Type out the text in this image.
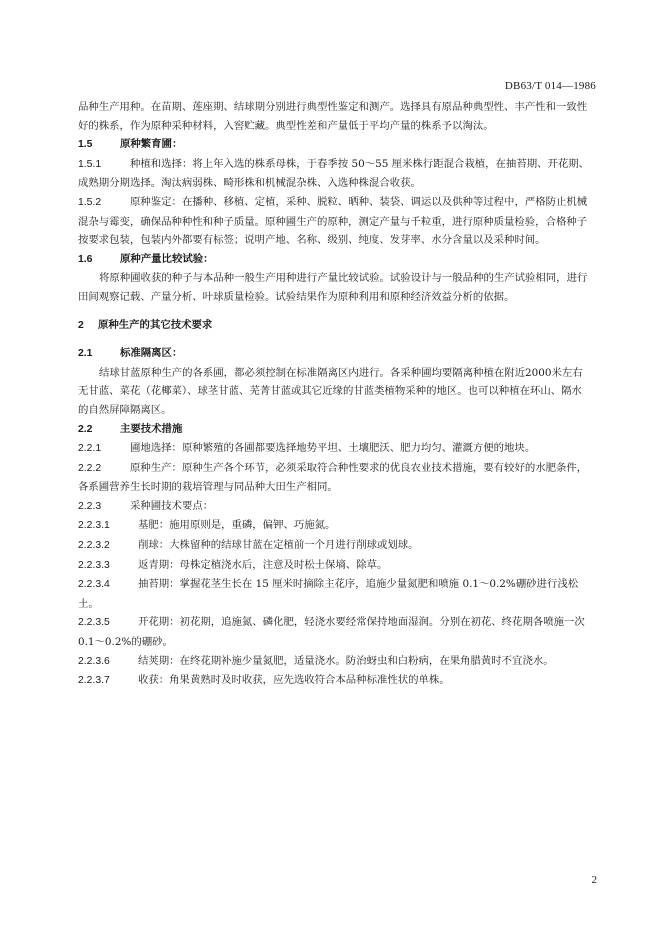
DB63/T 014—1986

品种生产用种。在苗期、莲座期、结球期分别进行典型性鉴定和测产。选择具有原品种典型性、丰产性和一致性好的株系，作为原种采种材料，入窖贮藏。典型性差和产量低于平均产量的株系予以淘汰。

1.5	原种繁育圃：

1.5.1	种植和选择：将上年入选的株系母株，于春季按 50～55 厘米株行距混合栽植，在抽苔期、开花期、成熟期分期选择。淘汰病弱株、畸形株和机械混杂株、入选种株混合收获。

1.5.2	原种鉴定：在播种、移植、定植，采种、脱粒、晒种、装袋、调运以及供种等过程中，严格防止机械混杂与霉变，确保品种种性和种子质量。原种圃生产的原种，测定产量与千粒重，进行原种质量检验，合格种子按要求包装，包装内外都要有标签；说明产地、名称、级别、纯度、发芽率、水分含量以及采种时间。

1.6	原种产量比较试验：

将原种圃收获的种子与本品种一般生产用种进行产量比较试验。试验设计与一般品种的生产试验相同，进行田间观察记载、产量分析、叶球质量检验。试验结果作为原种利用和原种经济效益分析的依据。

2 原种生产的其它技术要求

2.1	标准隔离区：

结球甘蓝原种生产的各系圃，都必须控制在标准隔离区内进行。各采种圃均要隔离种植在附近2000米左右无甘蓝、菜花（花椰菜）、球茎甘蓝、芜菁甘蓝或其它近缘的甘蓝类植物采种的地区。也可以种植在环山、隔水的自然屏障隔离区。

2.2	主要技术措施

2.2.1	圃地选择：原种繁殖的各圃都要选择地势平坦、土壤肥沃、肥力均匀、灌溉方便的地块。

2.2.2	原种生产：原种生产各个环节，必须采取符合种性要求的优良农业技术措施，要有较好的水肥条件，各系圃营养生长时期的栽培管理与同品种大田生产相同。

2.2.3	采种圃技术要点：

2.2.3.1	基肥：施用原则是，重磷，偏钾、巧施氮。

2.2.3.2	削球：大株留种的结球甘蓝在定植前一个月进行削球或划球。

2.2.3.3	返青期：母株定植浇水后，注意及时松土保墒、除草。

2.2.3.4	抽苔期：掌握花茎生长在 15 厘米时摘除主花序，追施少量氮肥和喷施 0.1～0.2%硼砂进行浅松土。

2.2.3.5	开花期：初花期，追施氮、磷化肥，轻浇水要经常保持地面湿润。分别在初花、终花期各喷施一次 0.1～0.2%的硼砂。

2.2.3.6	结荚期：在终花期补施少量氮肥，适量浇水。防治蚜虫和白粉病，在果角腊黄时不宜浇水。

2.2.3.7	收获：角果黄熟时及时收获，应先选收符合本品种标准性状的单株。

2
